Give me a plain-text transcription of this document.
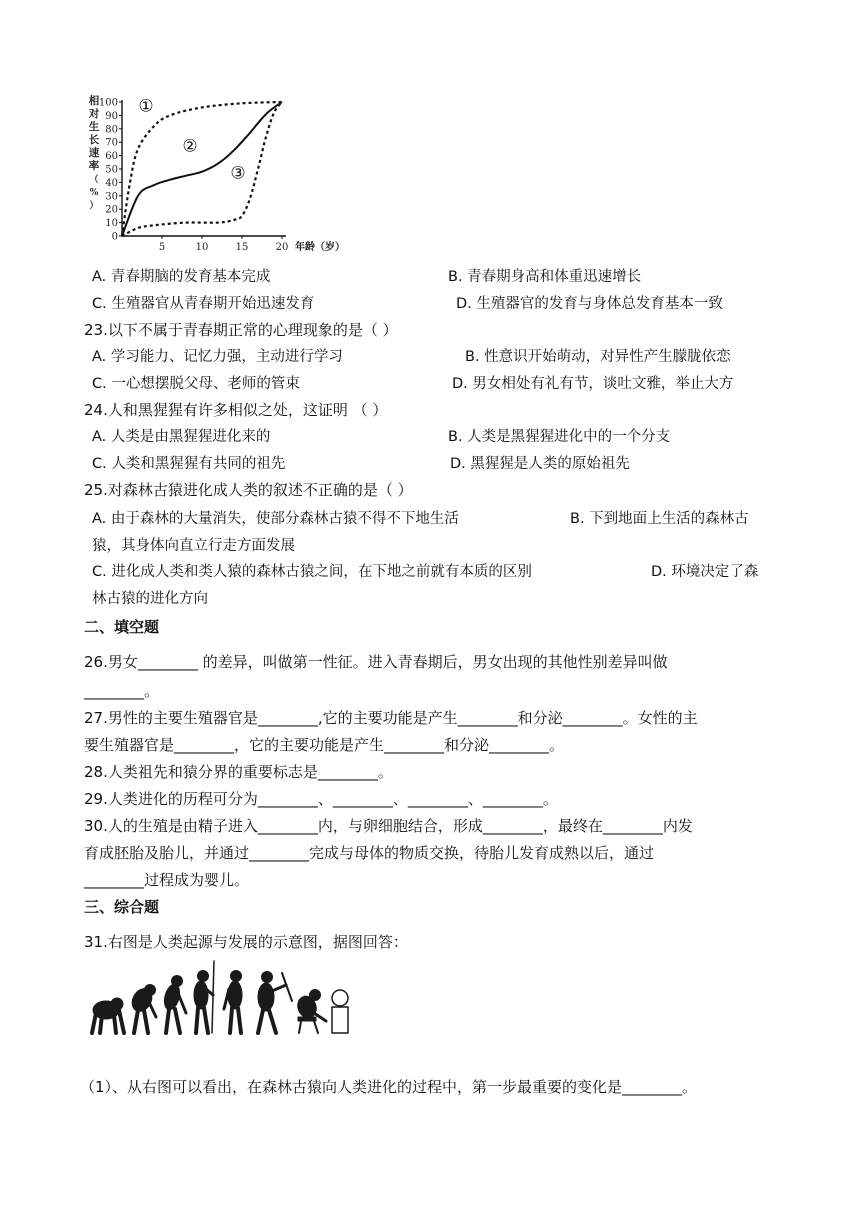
相对生长速率（%）
0
10
20
30
40
50
60
70
80
90
100
5	10	15	20 年龄（岁）
①
②
③
A. 青春期脑的发育基本完成	B. 青春期身高和体重迅速增长
C. 生殖器官从青春期开始迅速发育	D. 生殖器官的发育与身体总发育基本一致
23.以下不属于青春期正常的心理现象的是（ ）
A. 学习能力、记忆力强，主动进行学习	B. 性意识开始萌动，对异性产生朦胧依恋
C. 一心想摆脱父母、老师的管束	D. 男女相处有礼有节，谈吐文雅，举止大方
24.人和黑猩猩有许多相似之处，这证明 （ ）
A. 人类是由黑猩猩进化来的	B. 人类是黑猩猩进化中的一个分支
C. 人类和黑猩猩有共同的祖先	D. 黑猩猩是人类的原始祖先
25.对森林古猿进化成人类的叙述不正确的是（ ）
A. 由于森林的大量消失，使部分森林古猿不得不下地生活	B. 下到地面上生活的森林古
猿，其身体向直立行走方面发展
C. 进化成人类和类人猿的森林古猿之间，在下地之前就有本质的区别	D. 环境决定了森
林古猿的进化方向
二、填空题
26.男女________ 的差异，叫做第一性征。进入青春期后，男女出现的其他性别差异叫做
________。
27.男性的主要生殖器官是________,它的主要功能是产生________和分泌________。女性的主
要生殖器官是________，它的主要功能是产生________和分泌________。
28.人类祖先和猿分界的重要标志是________。
29.人类进化的历程可分为________、________、________、________。
30.人的生殖是由精子进入________内，与卵细胞结合，形成________，最终在________内发
育成胚胎及胎儿，并通过________完成与母体的物质交换，待胎儿发育成熟以后，通过
________过程成为婴儿。
三、综合题
31.右图是人类起源与发展的示意图，据图回答：
（1）、从右图可以看出，在森林古猿向人类进化的过程中，第一步最重要的变化是________。
